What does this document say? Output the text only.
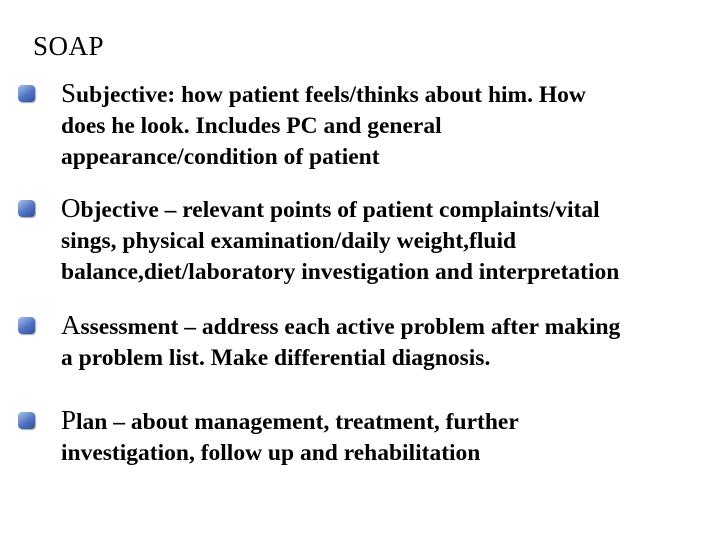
SOAP
Subjective: how patient feels/thinks about him. How
does he look. Includes PC and general
appearance/condition of patient
Objective – relevant points of patient complaints/vital
sings, physical examination/daily weight,fluid
balance,diet/laboratory investigation and interpretation
Assessment – address each active problem after making
a problem list. Make differential diagnosis.
Plan – about management, treatment, further
investigation, follow up and rehabilitation
